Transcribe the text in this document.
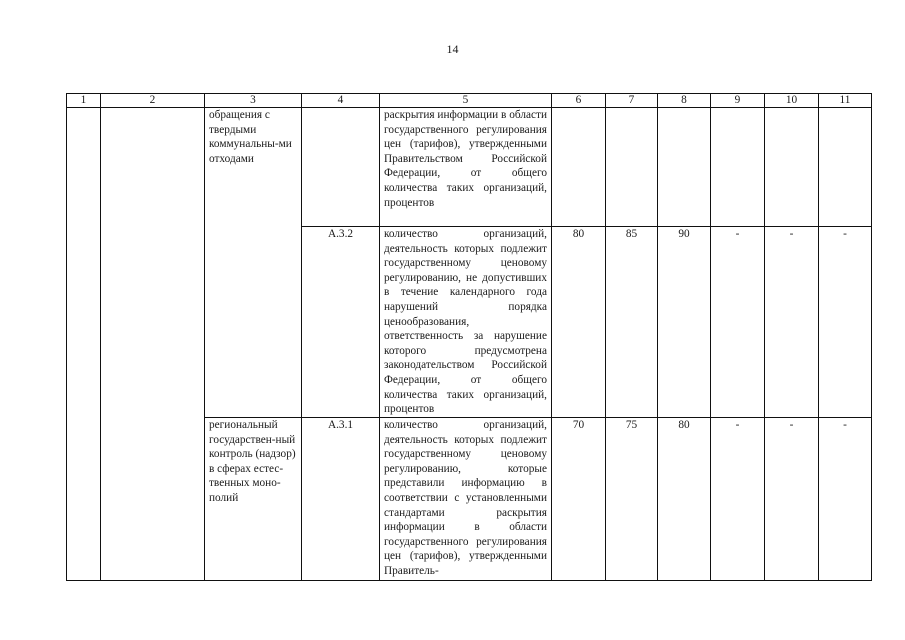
14
1	2	3	4	5	6	7	8	9	10	11
		обращения с твердыми коммунальны-ми отходами		раскрытия информации в области государственного регулирования цен (тарифов), утвержденными Правительством Российской Федерации, от общего количества таких организаций, процентов						
			А.3.2	количество организаций, деятельность которых подлежит государственному ценовому регулированию, не допустивших в течение календарного года нарушений порядка ценообразования, ответственность за нарушение которого предусмотрена законодательством Российской Федерации, от общего количества таких организаций, процентов	80	85	90	-	-	-
		региональный государствен-ный контроль (надзор) в сферах естес-твенных моно-полий	А.3.1	количество организаций, деятельность которых подлежит государственному ценовому регулированию, которые представили информацию в соответствии с установленными стандартами раскрытия информации в области государственного регулирования цен (тарифов), утвержденными Правитель-	70	75	80	-	-	-
